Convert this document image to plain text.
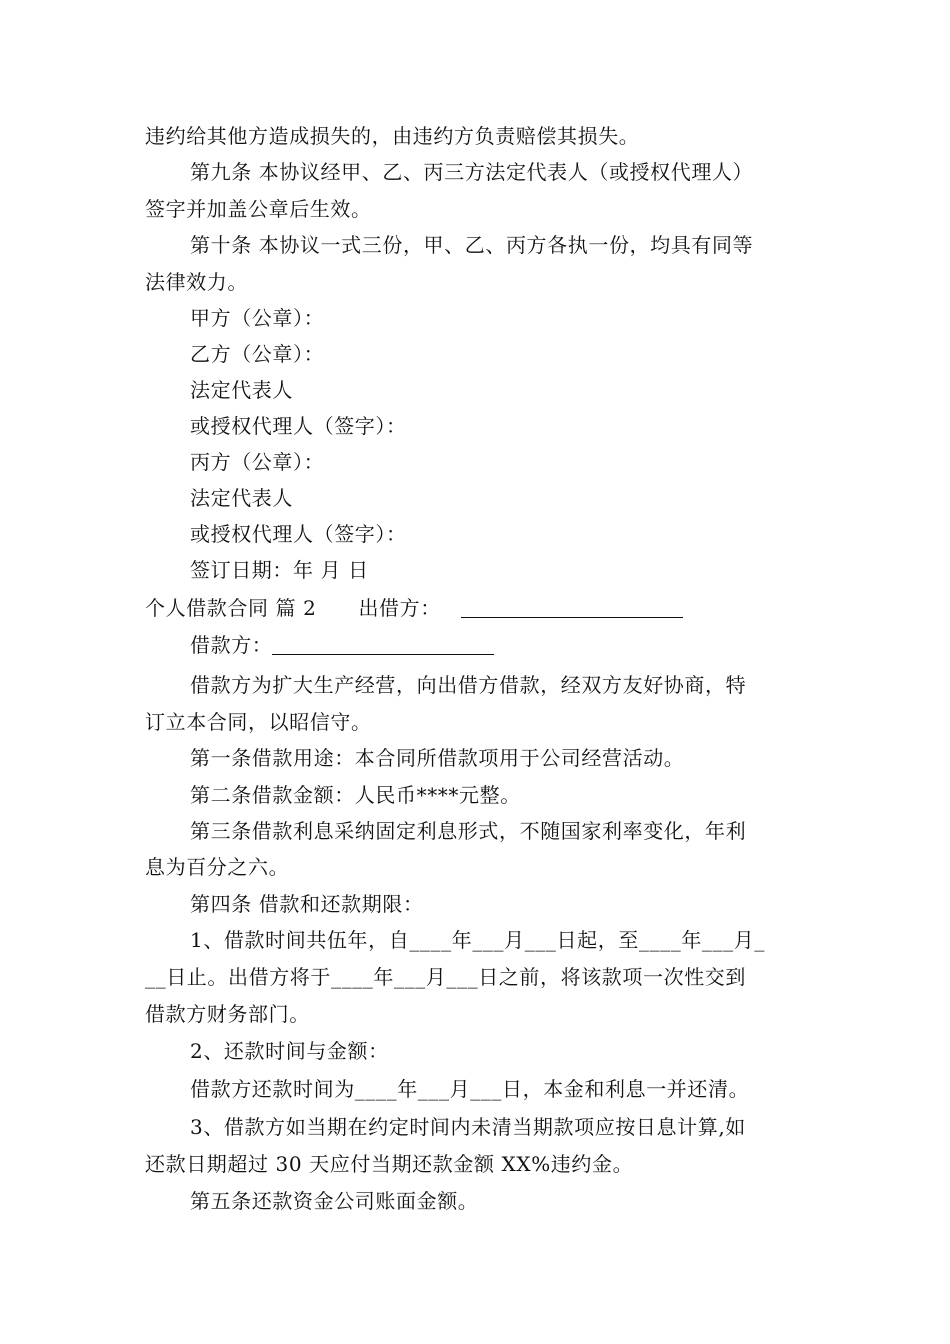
违约给其他方造成损失的，由违约方负责赔偿其损失。
第九条 本协议经甲、乙、丙三方法定代表人（或授权代理人）
签字并加盖公章后生效。
第十条 本协议一式三份，甲、乙、丙方各执一份，均具有同等
法律效力。
甲方（公章）：
乙方（公章）：
法定代表人
或授权代理人（签字）：
丙方（公章）：
法定代表人
或授权代理人（签字）：
签订日期：年 月 日
个人借款合同 篇 2 出借方：
借款方：
借款方为扩大生产经营，向出借方借款，经双方友好协商，特
订立本合同，以昭信守。
第一条借款用途：本合同所借款项用于公司经营活动。
第二条借款金额：人民币****元整。
第三条借款利息采纳固定利息形式，不随国家利率变化，年利
息为百分之六。
第四条 借款和还款期限：
1、借款时间共伍年，自____年___月___日起，至____年___月_
__日止。出借方将于____年___月___日之前，将该款项一次性交到
借款方财务部门。
2、还款时间与金额：
借款方还款时间为____年___月___日，本金和利息一并还清。
3、借款方如当期在约定时间内未清当期款项应按日息计算,如
还款日期超过 30 天应付当期还款金额 XX%违约金。
第五条还款资金公司账面金额。
